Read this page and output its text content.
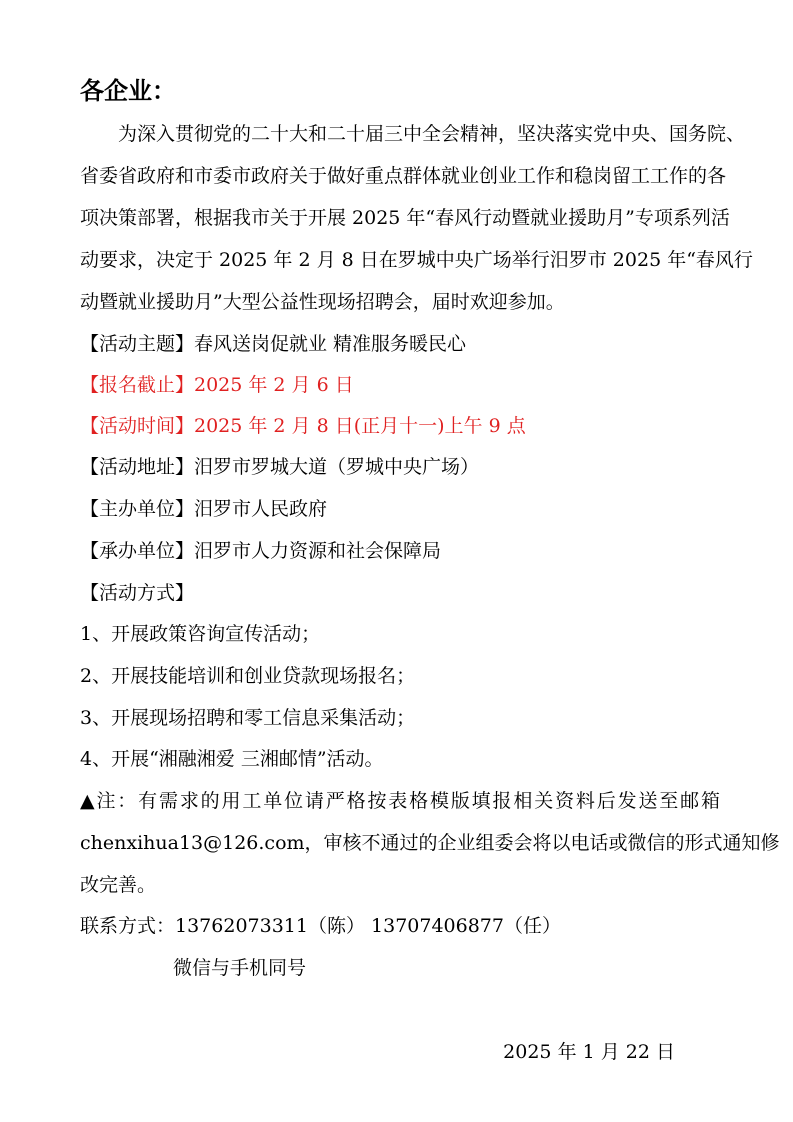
各企业：
为深入贯彻党的二十大和二十届三中全会精神，坚决落实党中央、国务院、
省委省政府和市委市政府关于做好重点群体就业创业工作和稳岗留工工作的各
项决策部署，根据我市关于开展 2025 年“春风行动暨就业援助月”专项系列活
动要求，决定于 2025 年 2 月 8 日在罗城中央广场举行汨罗市 2025 年“春风行
动暨就业援助月”大型公益性现场招聘会，届时欢迎参加。
【活动主题】春风送岗促就业 精准服务暖民心
【报名截止】2025 年 2 月 6 日
【活动时间】2025 年 2 月 8 日(正月十一)上午 9 点
【活动地址】汨罗市罗城大道（罗城中央广场）
【主办单位】汨罗市人民政府
【承办单位】汨罗市人力资源和社会保障局
【活动方式】
1、开展政策咨询宣传活动；
2、开展技能培训和创业贷款现场报名；
3、开展现场招聘和零工信息采集活动；
4、开展“湘融湘爱 三湘邮情”活动。
▲注：有需求的用工单位请严格按表格模版填报相关资料后发送至邮箱
chenxihua13@126.com，审核不通过的企业组委会将以电话或微信的形式通知修
改完善。
联系方式：13762073311（陈） 13707406877（任）
微信与手机同号
2025 年 1 月 22 日
